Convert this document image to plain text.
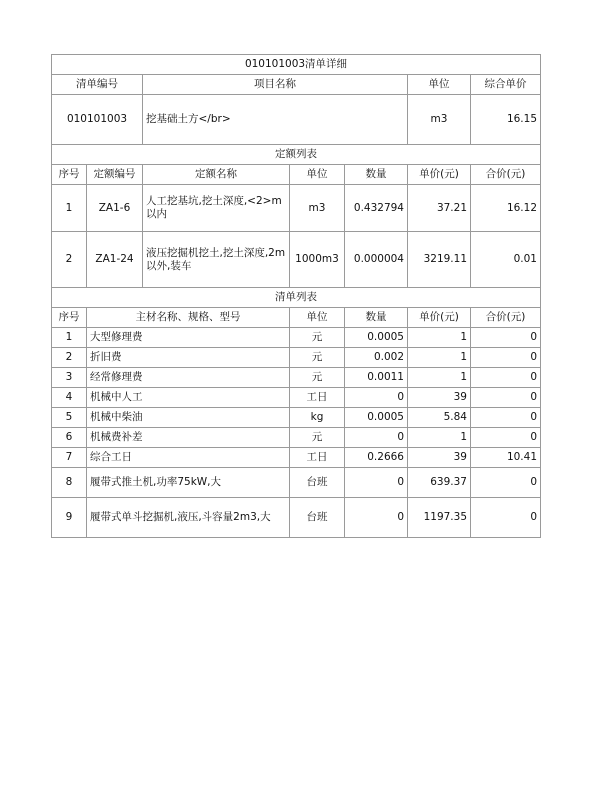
010101003清单详细						
清单编号		项目名称			单位	综合单价
010101003		挖基础土方</br>			m3	16.15
定额列表						
序号	定额编号	定额名称	单位	数量	单价(元)	合价(元)
1	ZA1-6	人工挖基坑,挖土深度,<2>m以内	m3	0.432794	37.21	16.12
2	ZA1-24	液压挖掘机挖土,挖土深度,2m以外,装车	1000m3	0.000004	3219.11	0.01
清单列表						
序号	主材名称、规格、型号		单位	数量	单价(元)	合价(元)
1	大型修理费		元	0.0005	1	0
2	折旧费		元	0.002	1	0
3	经常修理费		元	0.0011	1	0
4	机械中人工		工日	0	39	0
5	机械中柴油		kg	0.0005	5.84	0
6	机械费补差		元	0	1	0
7	综合工日		工日	0.2666	39	10.41
8	履带式推土机,功率75kW,大		台班	0	639.37	0
9	履带式单斗挖掘机,液压,斗容量2m3,大		台班	0	1197.35	0
